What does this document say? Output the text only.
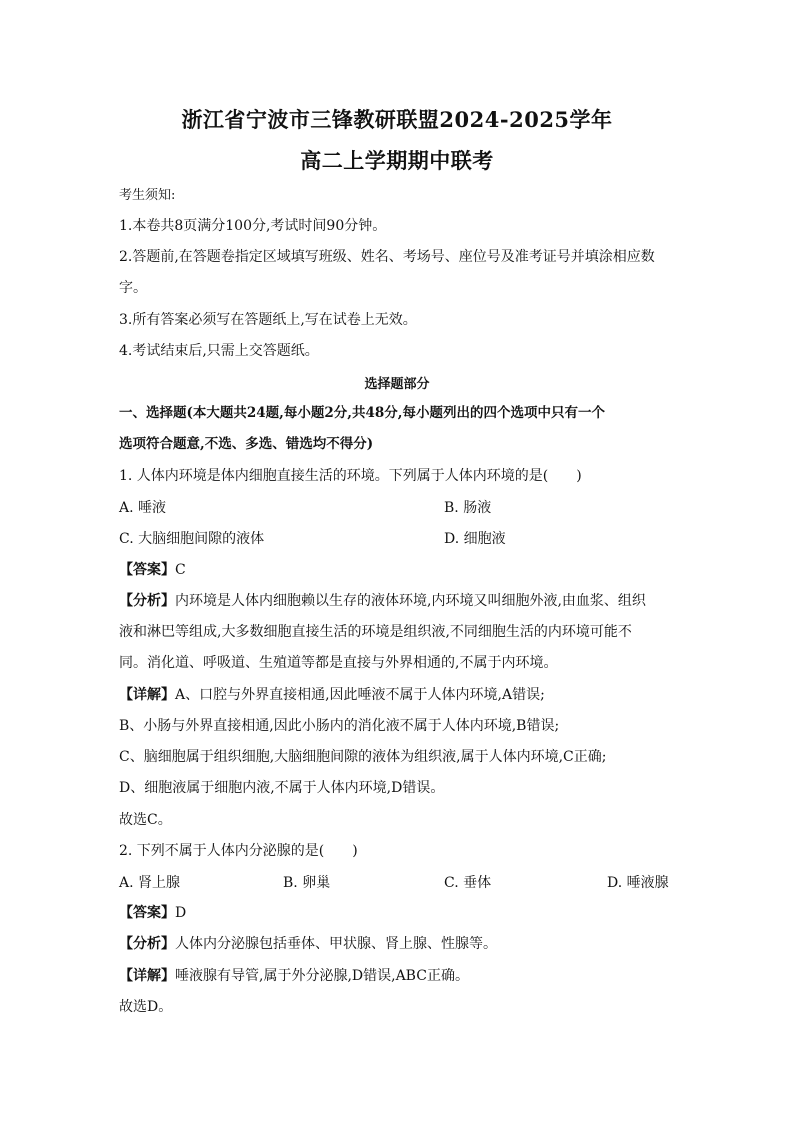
浙江省宁波市三锋教研联盟2024-2025学年
高二上学期期中联考
考生须知:
1.本卷共8页满分100分,考试时间90分钟。
2.答题前,在答题卷指定区域填写班级、姓名、考场号、座位号及准考证号并填涂相应数
字。
3.所有答案必须写在答题纸上,写在试卷上无效。
4.考试结束后,只需上交答题纸。
选择题部分
一、选择题(本大题共24题,每小题2分,共48分,每小题列出的四个选项中只有一个
选项符合题意,不选、多选、错选均不得分)
1. 人体内环境是体内细胞直接生活的环境。下列属于人体内环境的是(　　)
A. 唾液	B. 肠液
C. 大脑细胞间隙的液体	D. 细胞液
【答案】C
【分析】内环境是人体内细胞赖以生存的液体环境,内环境又叫细胞外液,由血浆、组织
液和淋巴等组成,大多数细胞直接生活的环境是组织液,不同细胞生活的内环境可能不
同。消化道、呼吸道、生殖道等都是直接与外界相通的,不属于内环境。
【详解】A、口腔与外界直接相通,因此唾液不属于人体内环境,A错误;
B、小肠与外界直接相通,因此小肠内的消化液不属于人体内环境,B错误;
C、脑细胞属于组织细胞,大脑细胞间隙的液体为组织液,属于人体内环境,C正确;
D、细胞液属于细胞内液,不属于人体内环境,D错误。
故选C。
2. 下列不属于人体内分泌腺的是(　　)
A. 肾上腺	B. 卵巢	C. 垂体	D. 唾液腺
【答案】D
【分析】人体内分泌腺包括垂体、甲状腺、肾上腺、性腺等。
【详解】唾液腺有导管,属于外分泌腺,D错误,ABC正确。
故选D。
